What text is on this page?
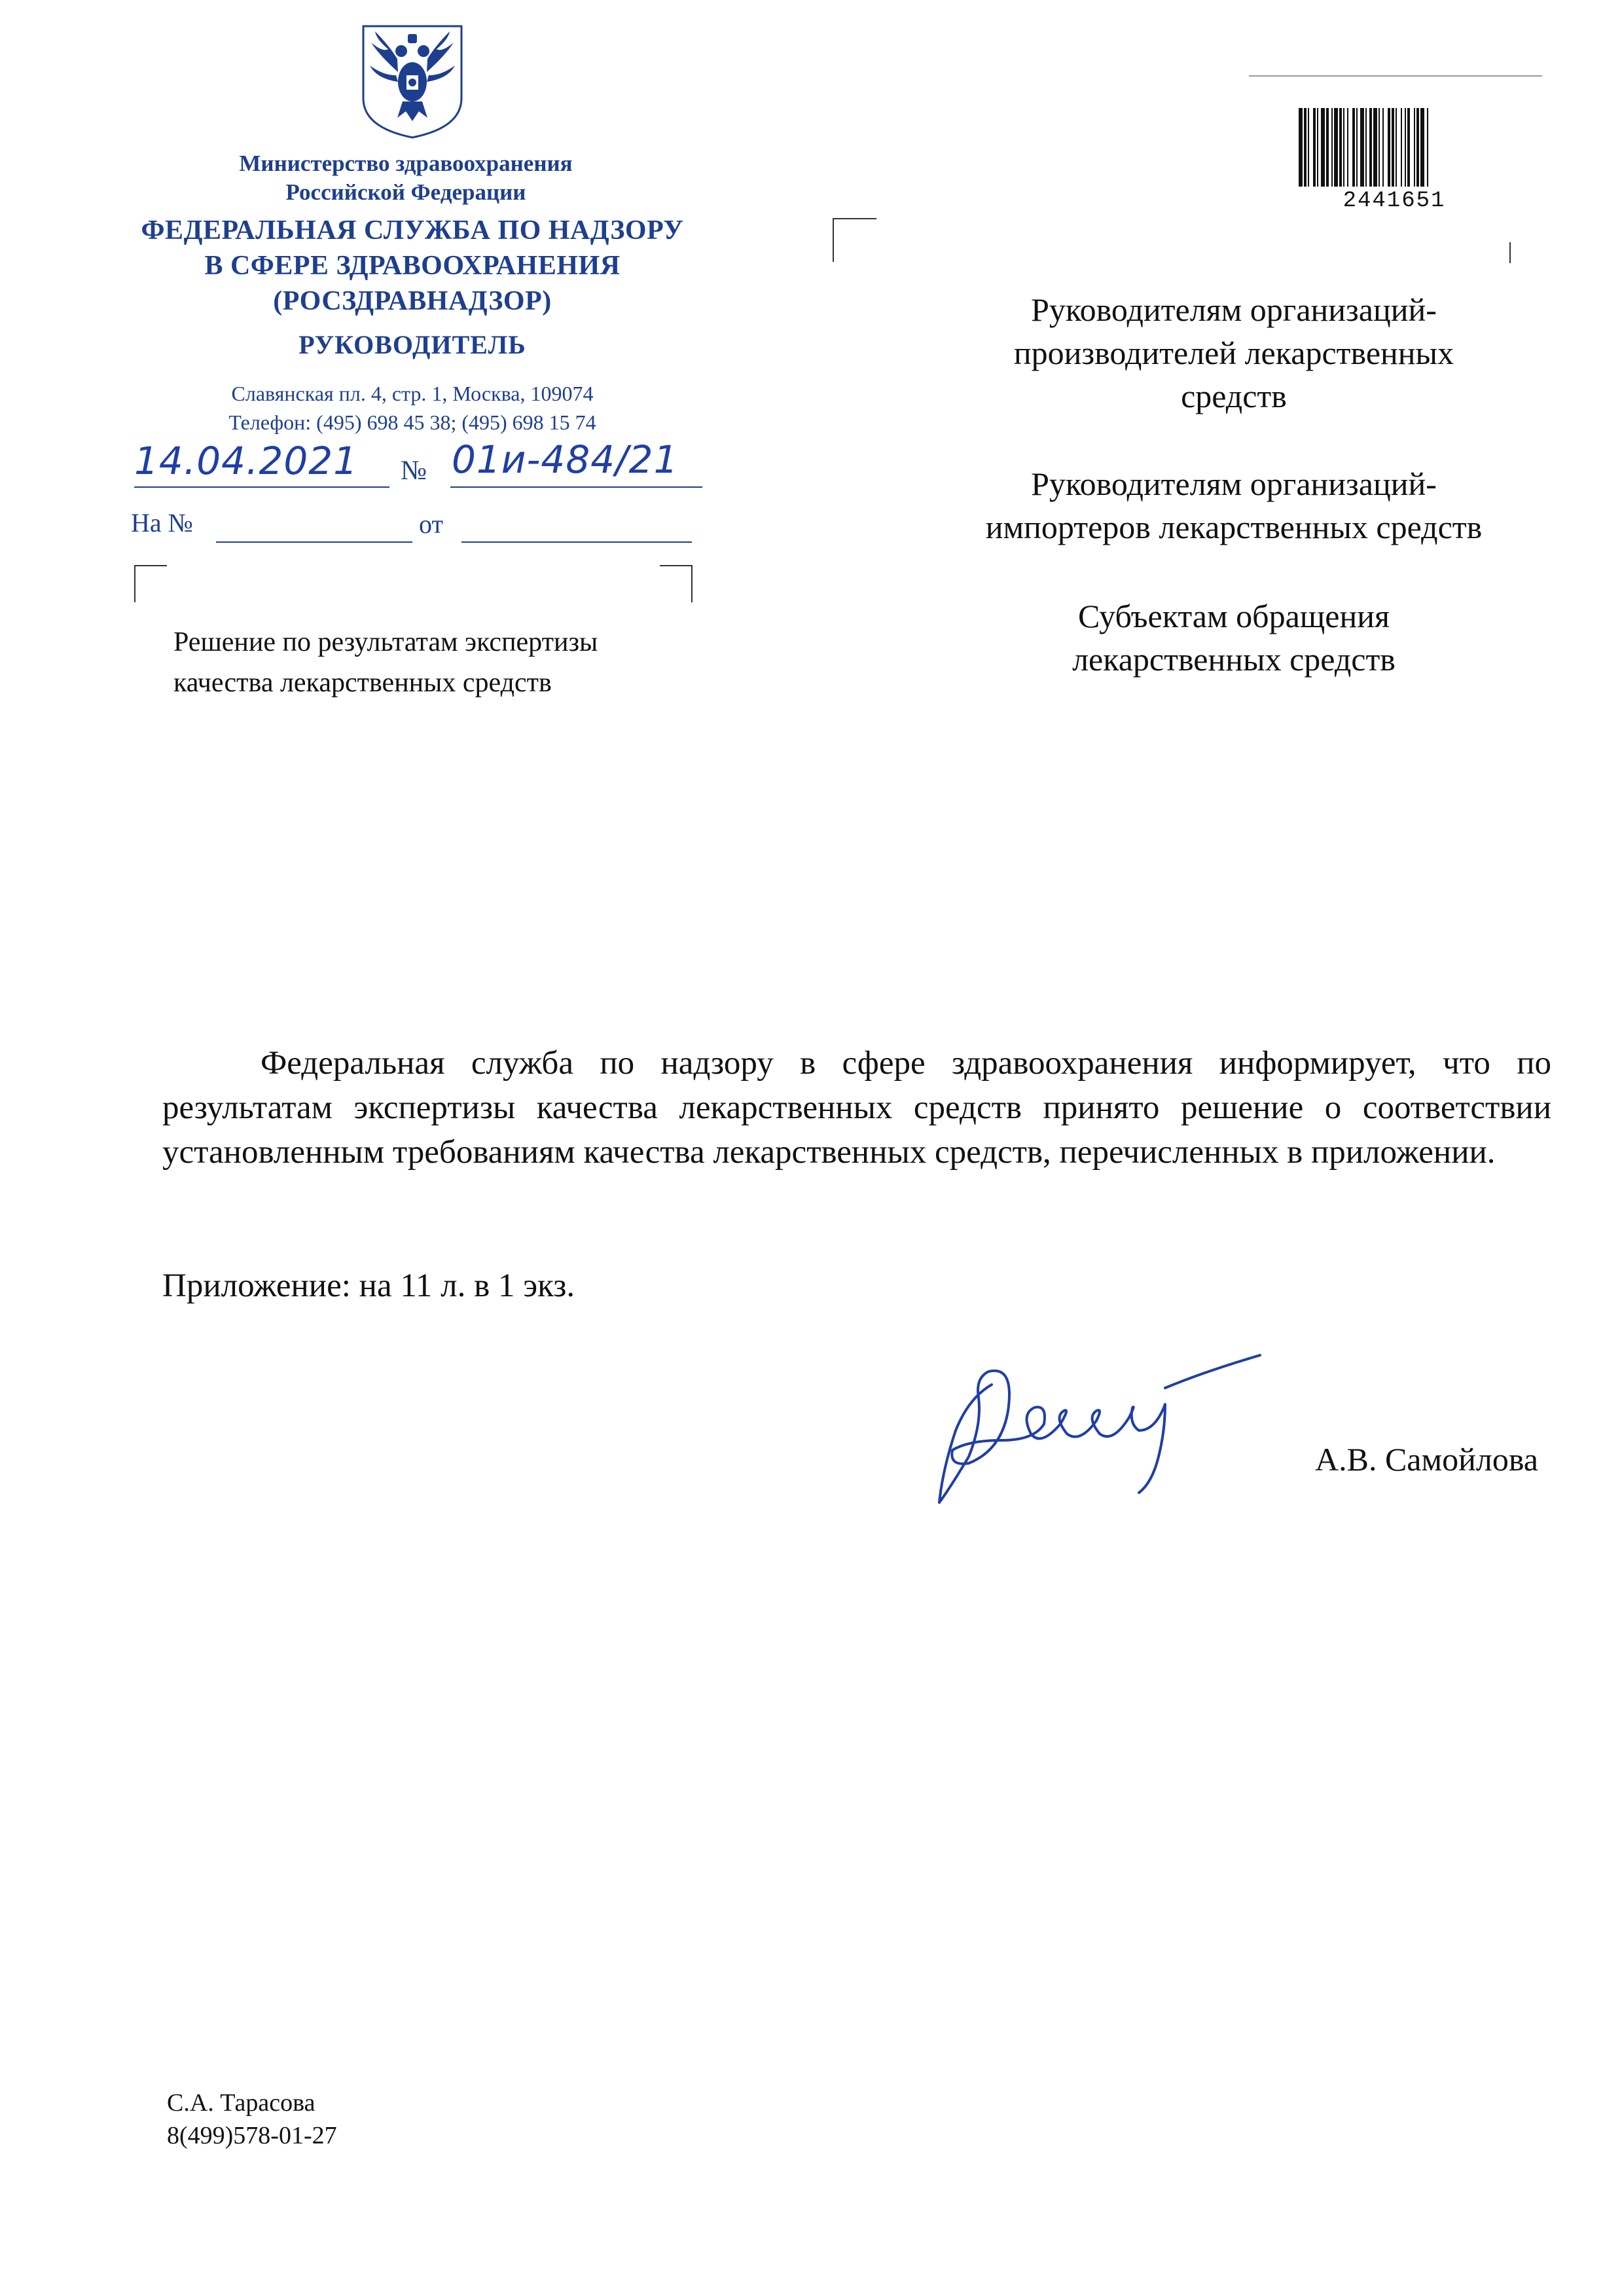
Министерство здравоохранения
Российской Федерации
ФЕДЕРАЛЬНАЯ СЛУЖБА ПО НАДЗОРУ
В СФЕРЕ ЗДРАВООХРАНЕНИЯ
(РОСЗДРАВНАДЗОР)
РУКОВОДИТЕЛЬ
Славянская пл. 4, стр. 1, Москва, 109074
Телефон: (495) 698 45 38; (495) 698 15 74
14.04.2021 № 01и-484/21
На №	от
Решение по результатам экспертизы
качества лекарственных средств
2441651
Руководителям организаций-
производителей лекарственных
средств
Руководителям организаций-
импортеров лекарственных средств
Субъектам обращения
лекарственных средств

Федеральная служба по надзору в сфере здравоохранения информирует, что по результатам экспертизы качества лекарственных средств принято решение о соответствии установленным требованиям качества лекарственных средств, перечисленных в приложении.

Приложение: на 11 л. в 1 экз.
А.В. Самойлова
С.А. Тарасова
8(499)578-01-27
